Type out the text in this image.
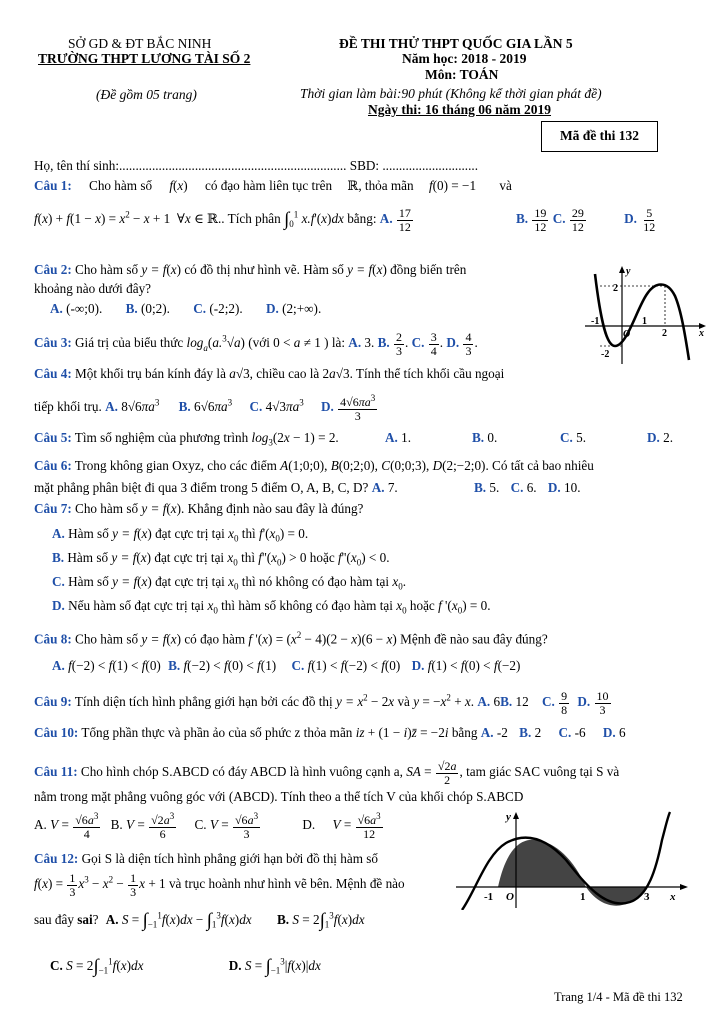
SỞ GD & ĐT BẮC NINH
TRƯỜNG THPT LƯƠNG TÀI SỐ 2
(Đề gồm 05 trang)
ĐỀ THI THỬ THPT QUỐC GIA LẦN 5
Năm học: 2018 - 2019
Môn: TOÁN
Thời gian làm bài:90 phút (Không kể thời gian phát đề)
Ngày thi: 16 tháng 06 năm 2019
Mã đề thi 132
Họ, tên thí sinh:..................................................................... SBD: .............................
Câu 1: Cho hàm số f(x) có đạo hàm liên tục trên ℝ, thỏa mãn f(0) = −1 và
$f(x) + f(1 - x) = x^2 - x + 1$  ∀x ∈ ℝ.. Tích phân $\int_0^1$ x.f'(x)dx bằng: A. $\frac{17}{12}$	B. $\frac{19}{12} C$. $\frac{29}{12}$	D. $\frac{5}{12}$
Câu 2: Cho hàm số y = f(x) có đồ thị như hình vẽ. Hàm số y = f(x) đồng biến trên
khoảng nào dưới đây?
A. (-∞;0). B. (0;2). C. (-2;2). D. (2;+∞).
y
x
O
2
-2
-1	1
2
Câu 3: Giá trị của biểu thức $\log_a(a.^3√a)$ (với 0 < a ≠ 1 ) là: A. 3. B. $\frac{2}{3}$ . C. $\frac{3}{4}$ . D. $\frac{4}{3}$ .
Câu 4: Một khối trụ bán kính đáy là a√3, chiều cao là 2a√3. Tính thể tích khối cầu ngoại
tiếp khối trụ. A. $8√6\pi a^3$ B. $6√6\pi a^3$ C. $4√3\pi a^3$ D. $\frac{4√6\pi a^3}{3}$
Câu 5: Tìm số nghiệm của phương trình $\log_3(2x - 1) = 2$.	A. 1.	B. 0.	C. 5.	D. 2.
Câu 6: Trong không gian Oxyz, cho các điểm A(1;0;0), B(0;2;0), C(0;0;3), D(2;−2;0). Có tất cả bao nhiêu
mặt phẳng phân biệt đi qua 3 điểm trong 5 điểm O, A, B, C, D? A. 7.	B. 5. C. 6. D. 10.
Câu 7: Cho hàm số y = f(x). Khẳng định nào sau đây là đúng?
A. Hàm số y = f(x) đạt cực trị tại $x_0$ thì $f'(x_0) = 0$.
B. Hàm số y = f(x) đạt cực trị tại $x_0$ thì $f''(x_0) > 0$ hoặc $f''(x_0) < 0$.
C. Hàm số y = f(x) đạt cực trị tại $x_0$ thì nó không có đạo hàm tại $x_0$.
D. Nếu hàm số đạt cực trị tại $x_0$ thì hàm số không có đạo hàm tại $x_0$ hoặc f '$(x_0) = 0$.
Câu 8: Cho hàm số y = f(x) có đạo hàm f '$(x) = (x^2 - 4)(2 - x)(6 - x)$ Mệnh đề nào sau đây đúng?
A. f(−2) < f(1) < f(0) B. f(−2) < f(0) < f(1) C. f(1) < f(−2) < f(0) D. f(1) < f(0) < f(−2)
Câu 9: Tính diện tích hình phẳng giới hạn bởi các đồ thị $y = x^2 - 2x$ và $y = -x^2 + x$. A. 6B. 12 C. $\frac{9}{8} D$. $\frac{10}{3}$
Câu 10: Tổng phần thực và phần ảo của số phức z thỏa mãn iz + (1 − i)z̄ = −2i bằng A. -2 B. 2 C. -6 D. 6
Câu 11: Cho hình chóp S.ABCD có đáy ABCD là hình vuông cạnh a, SA = $\frac{√2a}{2}$ , tam giác SAC vuông tại S và
nằm trong mặt phẳng vuông góc với (ABCD). Tính theo a thể tích V của khối chóp S.ABCD
A. $V = \frac{√6a^3}{4} B$. $V = \frac{√2a^3}{6} C$. $V = \frac{√6a^3}{3}$	D. $V = \frac{√6a^3}{12}$
Câu 12: Gọi S là diện tích hình phẳng giới hạn bởi đồ thị hàm số
$f(x) = \frac{1}{3} x^3 - x^2 - \frac{1}{3}$ x + 1 và trục hoành như hình vẽ bên. Mệnh đề nào
sau đây sai? A. $S = \int_{-1}^1f(x)dx - \int_1^3f(x)dx$ B. $S = 2\int_1^3f(x)dx$
C. $S = 2\int_{-1}^1f(x)dx$	D. $S = \int_{-1}^3|f(x)|dx$
y
x
O
-1	1	3
Trang 1/4 - Mã đề thi 132
